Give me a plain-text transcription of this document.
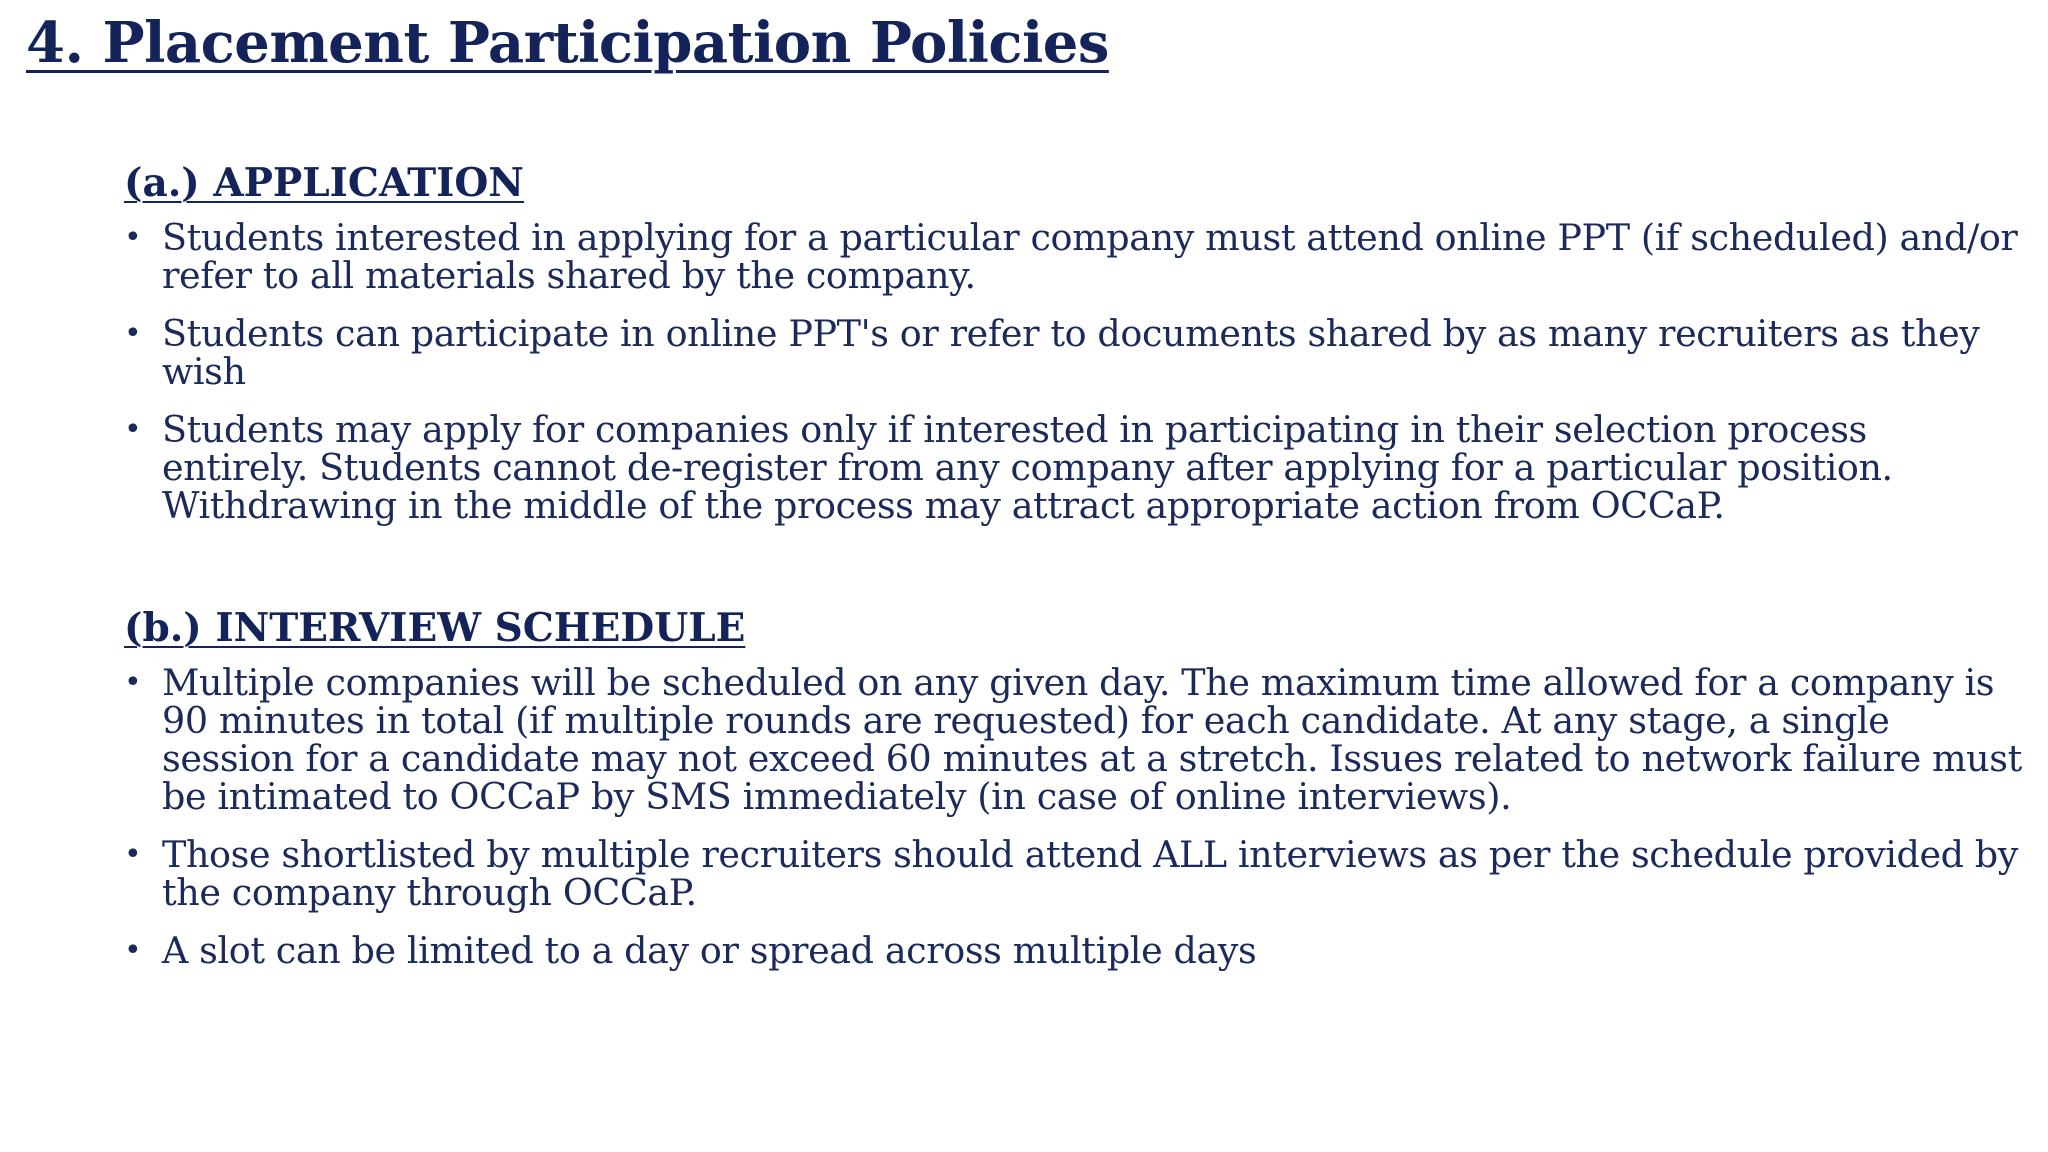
4. Placement Participation Policies
(a.) APPLICATION
• Students interested in applying for a particular company must attend online PPT (if scheduled) and/or refer to all materials shared by the company.
• Students can participate in online PPT's or refer to documents shared by as many recruiters as they wish
• Students may apply for companies only if interested in participating in their selection process entirely. Students cannot de-register from any company after applying for a particular position. Withdrawing in the middle of the process may attract appropriate action from OCCaP.
(b.) INTERVIEW SCHEDULE
• Multiple companies will be scheduled on any given day. The maximum time allowed for a company is 90 minutes in total (if multiple rounds are requested) for each candidate. At any stage, a single session for a candidate may not exceed 60 minutes at a stretch. Issues related to network failure must be intimated to OCCaP by SMS immediately (in case of online interviews).
• Those shortlisted by multiple recruiters should attend ALL interviews as per the schedule provided by the company through OCCaP.
• A slot can be limited to a day or spread across multiple days
